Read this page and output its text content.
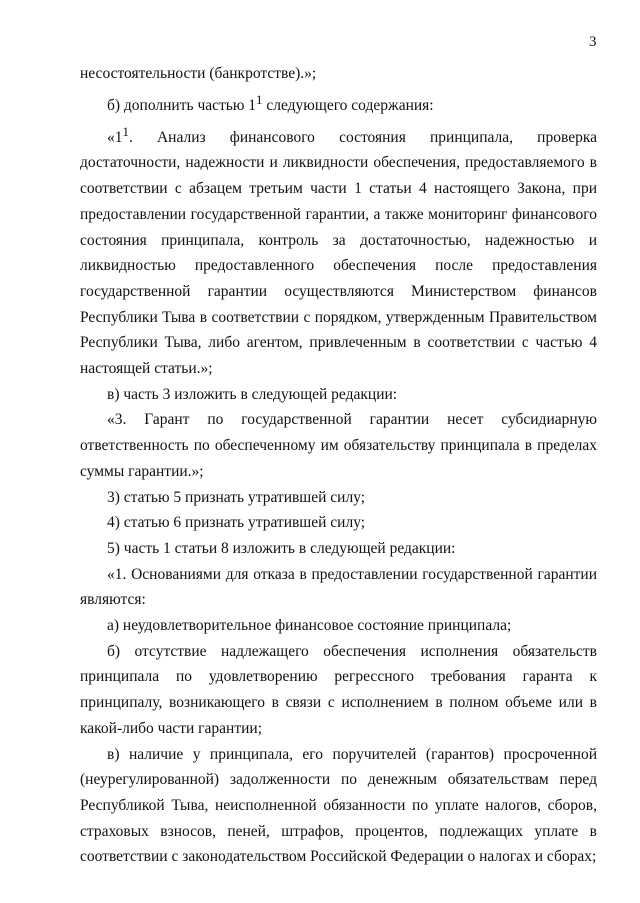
3

несостоятельности (банкротстве).»;

б) дополнить частью $1^1$ следующего содержания:

«$1^1$. Анализ финансового состояния принципала, проверка достаточности, надежности и ликвидности обеспечения, предоставляемого в соответствии с абзацем третьим части 1 статьи 4 настоящего Закона, при предоставлении государственной гарантии, а также мониторинг финансового состояния принципала, контроль за достаточностью, надежностью и ликвидностью предоставленного обеспечения после предоставления государственной гарантии осуществляются Министерством финансов Республики Тыва в соответствии с порядком, утвержденным Правительством Республики Тыва, либо агентом, привлеченным в соответствии с частью 4 настоящей статьи.»;

в) часть 3 изложить в следующей редакции:

«3. Гарант по государственной гарантии несет субсидиарную ответственность по обеспеченному им обязательству принципала в пределах суммы гарантии.»;

3) статью 5 признать утратившей силу;

4) статью 6 признать утратившей силу;

5) часть 1 статьи 8 изложить в следующей редакции:

«1. Основаниями для отказа в предоставлении государственной гарантии являются:

а) неудовлетворительное финансовое состояние принципала;

б) отсутствие надлежащего обеспечения исполнения обязательств принципала по удовлетворению регрессного требования гаранта к принципалу, возникающего в связи с исполнением в полном объеме или в какой-либо части гарантии;

в) наличие у принципала, его поручителей (гарантов) просроченной (неурегулированной) задолженности по денежным обязательствам перед Республикой Тыва, неисполненной обязанности по уплате налогов, сборов, страховых взносов, пеней, штрафов, процентов, подлежащих уплате в соответствии с законодательством Российской Федерации о налогах и сборах;
